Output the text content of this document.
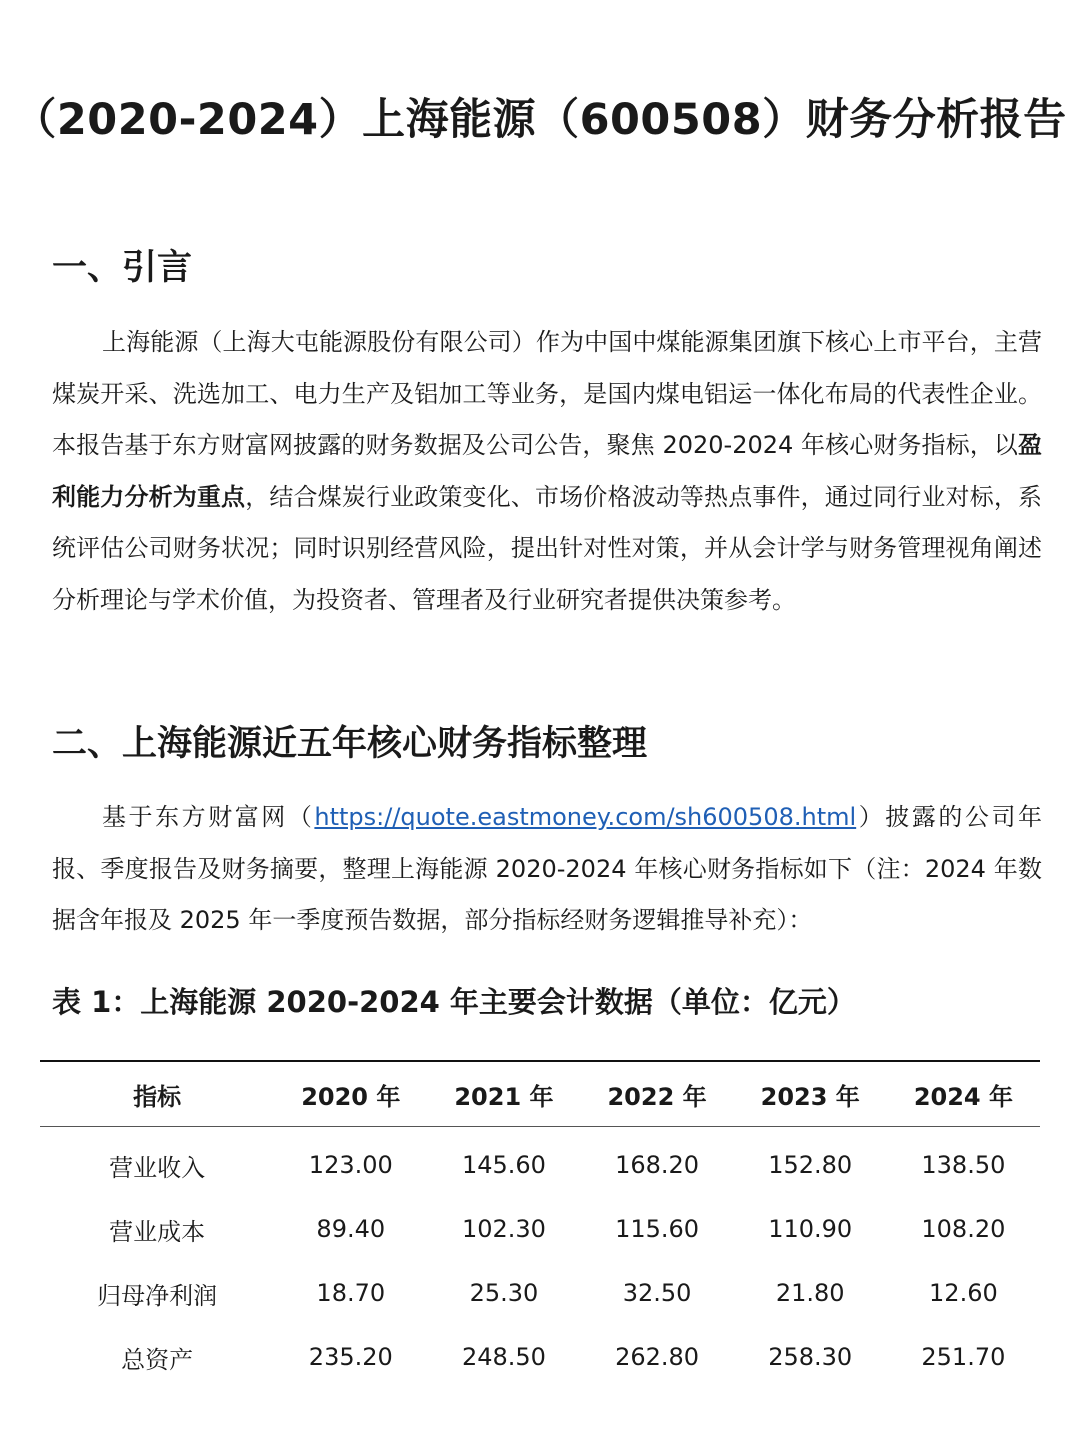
（2020-2024）上海能源（600508）财务分析报告
一、引言

上海能源（上海大屯能源股份有限公司）作为中国中煤能源集团旗下核心上市平台，主营煤炭开采、洗选加工、电力生产及铝加工等业务，是国内煤电铝运一体化布局的代表性企业。本报告基于东方财富网披露的财务数据及公司公告，聚焦 2020-2024 年核心财务指标，以盈利能力分析为重点，结合煤炭行业政策变化、市场价格波动等热点事件，通过同行业对标，系统评估公司财务状况；同时识别经营风险，提出针对性对策，并从会计学与财务管理视角阐述分析理论与学术价值，为投资者、管理者及行业研究者提供决策参考。

二、上海能源近五年核心财务指标整理

基于东方财富网（https://quote.eastmoney.com/sh600508.html）披露的公司年报、季度报告及财务摘要，整理上海能源 2020-2024 年核心财务指标如下（注：2024 年数据含年报及 2025 年一季度预告数据，部分指标经财务逻辑推导补充）：

表 1：上海能源 2020-2024 年主要会计数据（单位：亿元）
指标	2020 年	2021 年	2022 年	2023 年	2024 年
营业收入	123.00	145.60	168.20	152.80	138.50
营业成本	89.40	102.30	115.60	110.90	108.20
归母净利润	18.70	25.30	32.50	21.80	12.60
总资产	235.20	248.50	262.80	258.30	251.70
